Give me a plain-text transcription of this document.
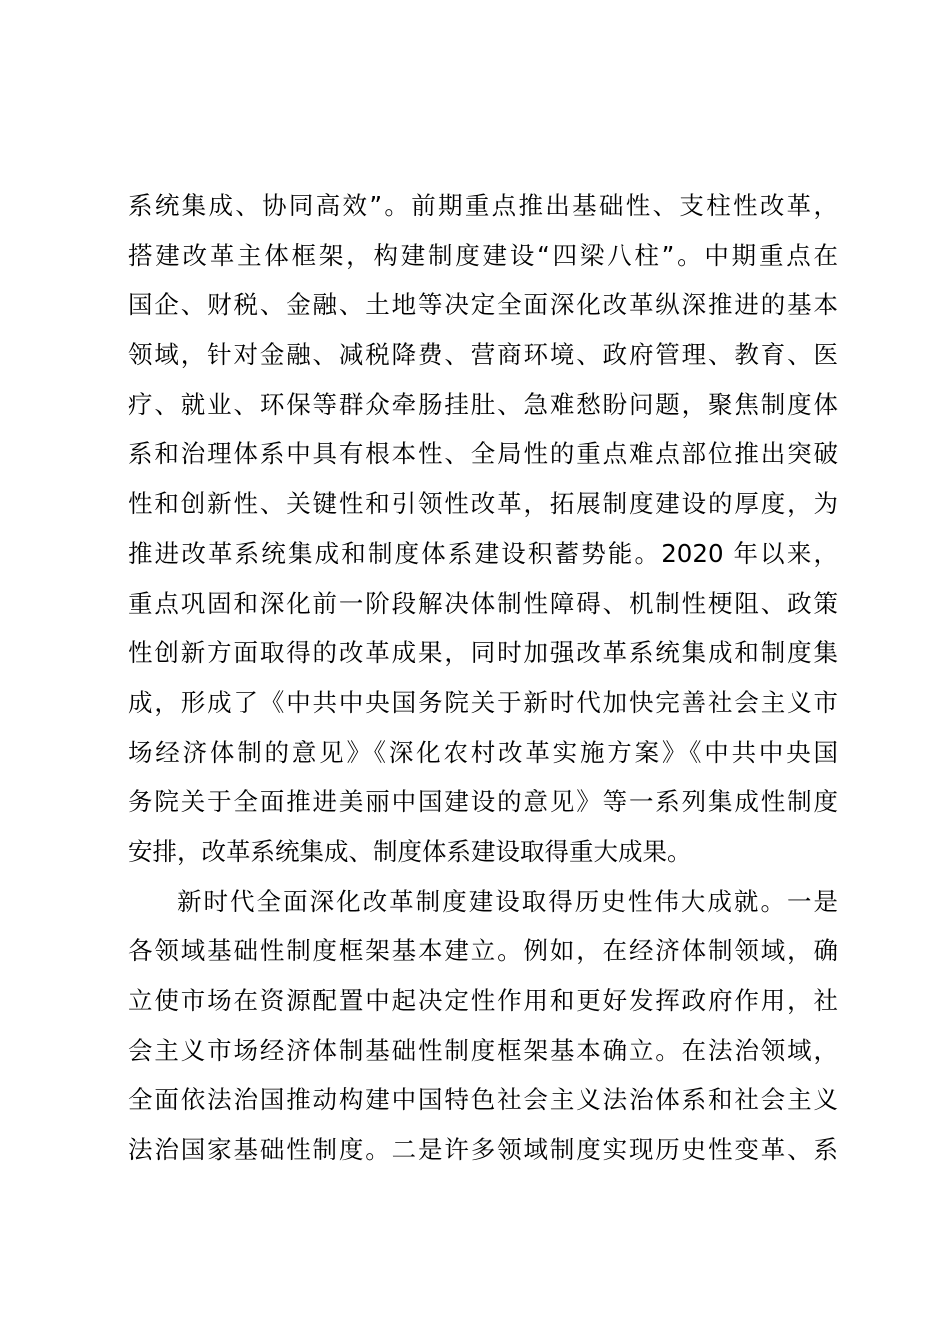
系统集成、协同高效”。前期重点推出基础性、支柱性改革，
搭建改革主体框架，构建制度建设“四梁八柱”。中期重点在
国企、财税、金融、土地等决定全面深化改革纵深推进的基本
领域，针对金融、减税降费、营商环境、政府管理、教育、医
疗、就业、环保等群众牵肠挂肚、急难愁盼问题，聚焦制度体
系和治理体系中具有根本性、全局性的重点难点部位推出突破
性和创新性、关键性和引领性改革，拓展制度建设的厚度，为
推进改革系统集成和制度体系建设积蓄势能。2020 年以来，
重点巩固和深化前一阶段解决体制性障碍、机制性梗阻、政策
性创新方面取得的改革成果，同时加强改革系统集成和制度集
成，形成了《中共中央国务院关于新时代加快完善社会主义市
场经济体制的意见》《深化农村改革实施方案》《中共中央国
务院关于全面推进美丽中国建设的意见》等一系列集成性制度
安排，改革系统集成、制度体系建设取得重大成果。
新时代全面深化改革制度建设取得历史性伟大成就。一是
各领域基础性制度框架基本建立。例如，在经济体制领域，确
立使市场在资源配置中起决定性作用和更好发挥政府作用，社
会主义市场经济体制基础性制度框架基本确立。在法治领域，
全面依法治国推动构建中国特色社会主义法治体系和社会主义
法治国家基础性制度。二是许多领域制度实现历史性变革、系
